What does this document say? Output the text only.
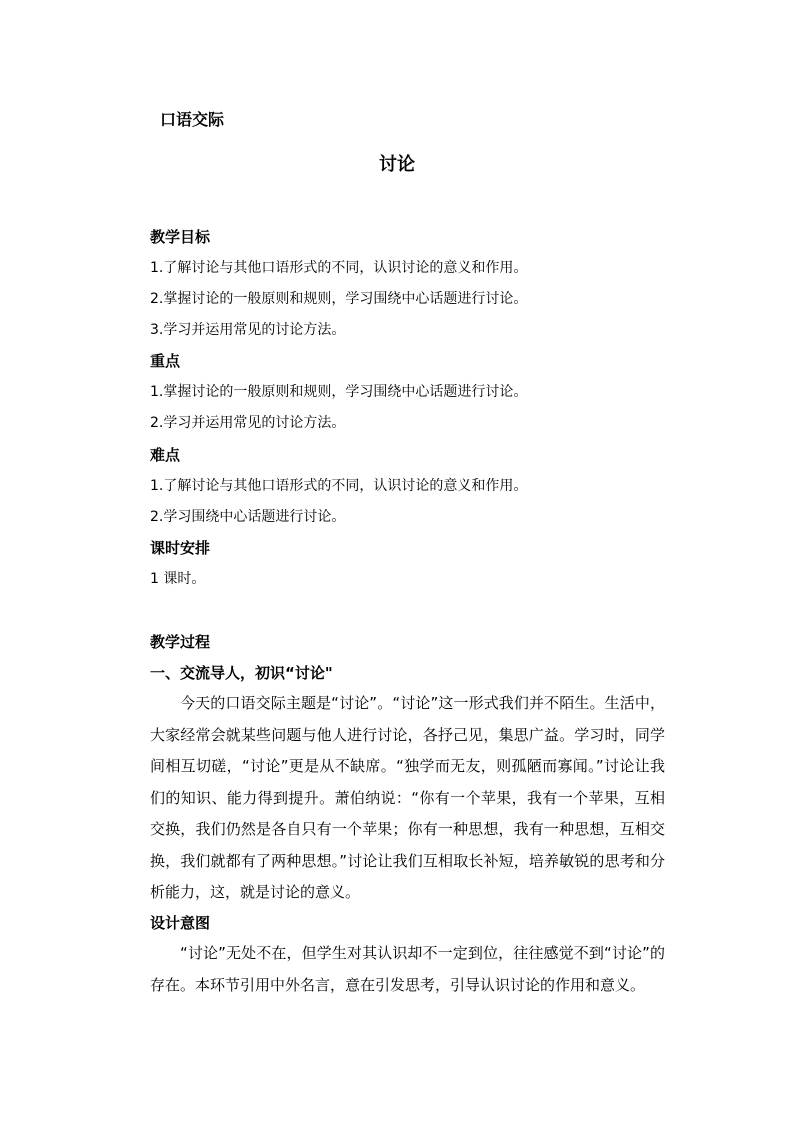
口语交际
讨论
教学目标
1.了解讨论与其他口语形式的不同，认识讨论的意义和作用。
2.掌握讨论的一般原则和规则，学习围绕中心话题进行讨论。
3.学习并运用常见的讨论方法。
重点
1.掌握讨论的一般原则和规则，学习围绕中心话题进行讨论。
2.学习并运用常见的讨论方法。
难点
1.了解讨论与其他口语形式的不同，认识讨论的意义和作用。
2.学习围绕中心话题进行讨论。
课时安排
1 课时。
教学过程
一、交流导人，初识“讨论"

今天的口语交际主题是“讨论”。“讨论”这一形式我们并不陌生。生活中，大家经常会就某些问题与他人进行讨论，各抒己见，集思广益。学习时，同学间相互切磋，“讨论”更是从不缺席。“独学而无友，则孤陋而寡闻。”讨论让我们的知识、能力得到提升。萧伯纳说：“你有一个苹果，我有一个苹果，互相交换，我们仍然是各自只有一个苹果；你有一种思想，我有一种思想，互相交换，我们就都有了两种思想。”讨论让我们互相取长补短，培养敏锐的思考和分析能力，这，就是讨论的意义。

设计意图

“讨论”无处不在，但学生对其认识却不一定到位，往往感觉不到“讨论”的存在。本环节引用中外名言，意在引发思考，引导认识讨论的作用和意义。
